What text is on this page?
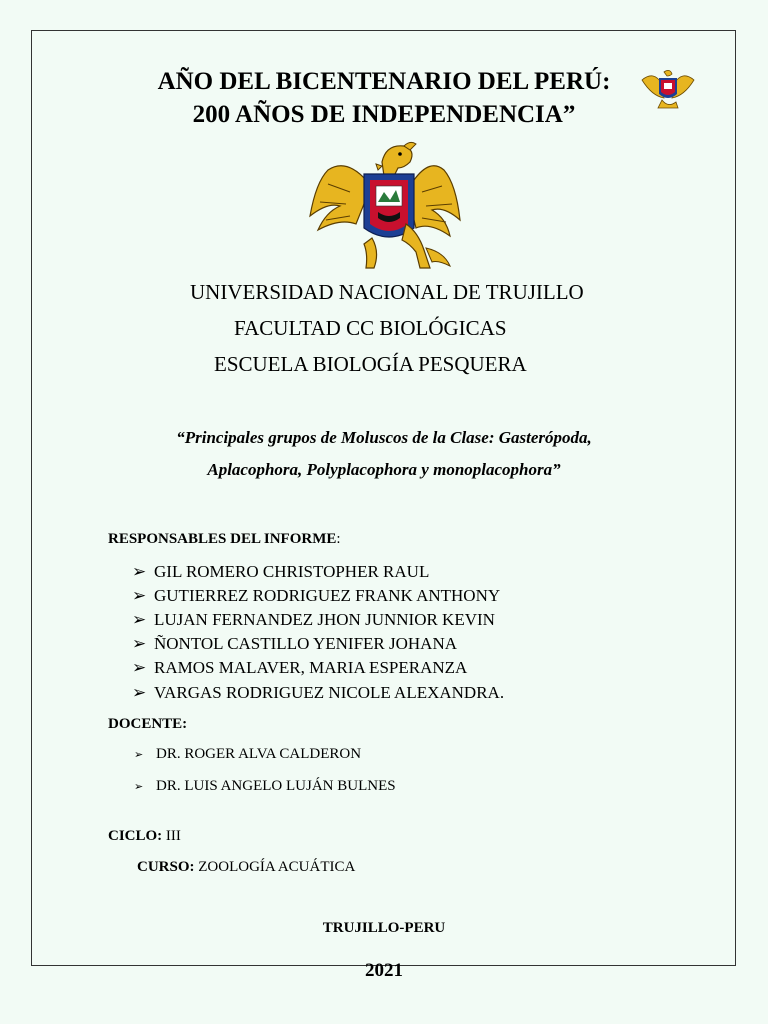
AÑO DEL BICENTENARIO DEL PERÚ:
200 AÑOS DE INDEPENDENCIA”
UNIVERSIDAD NACIONAL DE TRUJILLO
FACULTAD CC BIOLÓGICAS
ESCUELA BIOLOGÍA PESQUERA
“Principales grupos de Moluscos de la Clase: Gasterópoda,
Aplacophora, Polyplacophora y monoplacophora”
RESPONSABLES DEL INFORME:
➢ GIL ROMERO CHRISTOPHER RAUL
➢ GUTIERREZ RODRIGUEZ FRANK ANTHONY
➢ LUJAN FERNANDEZ JHON JUNNIOR KEVIN
➢ ÑONTOL CASTILLO YENIFER JOHANA
➢ RAMOS MALAVER, MARIA ESPERANZA
➢ VARGAS RODRIGUEZ NICOLE ALEXANDRA.
DOCENTE:
➢ DR. ROGER ALVA CALDERON
➢ DR. LUIS ANGELO LUJÁN BULNES
CICLO: III
CURSO: ZOOLOGÍA ACUÁTICA
TRUJILLO-PERU
2021
